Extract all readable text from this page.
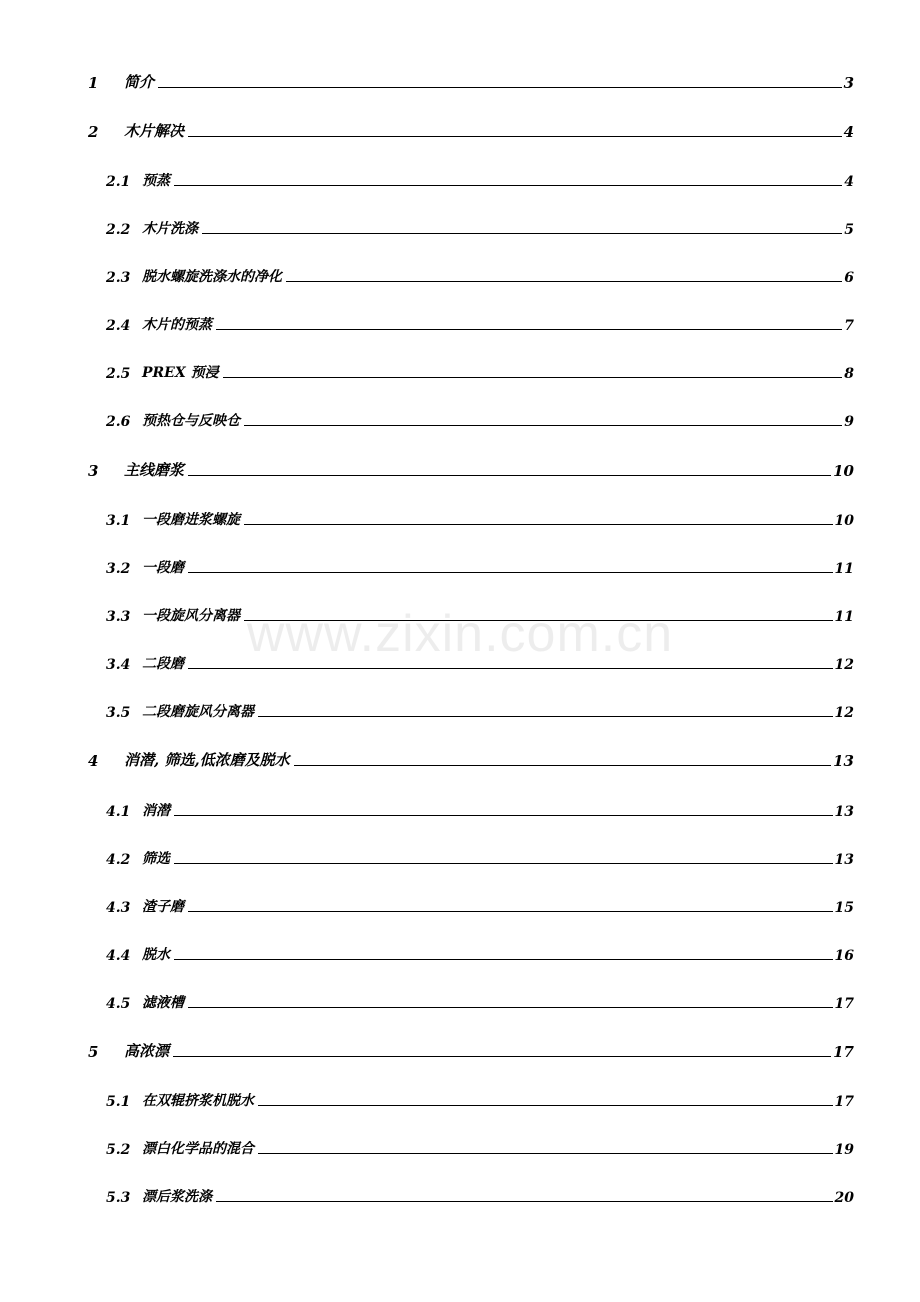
1	简介	3
2	木片解决	4
2.1 预蒸	4
2.2 木片洗涤	5
2.3 脱水螺旋洗涤水的净化	6
2.4 木片的预蒸	7
2.5 PREX 预浸	8
2.6 预热仓与反映仓	9
3	主线磨浆	10
3.1 一段磨进浆螺旋	10
3.2 一段磨	11
3.3 一段旋风分离器	11
3.4 二段磨	12
3.5 二段磨旋风分离器	12
4	消潜, 筛选,低浓磨及脱水	13
4.1 消潜	13
4.2 筛选	13
4.3 渣子磨	15
4.4 脱水	16
4.5 滤液槽	17
5	高浓漂	17
5.1 在双辊挤浆机脱水	17
5.2 漂白化学品的混合	19
5.3 漂后浆洗涤	20
www.zixin.com.cn
